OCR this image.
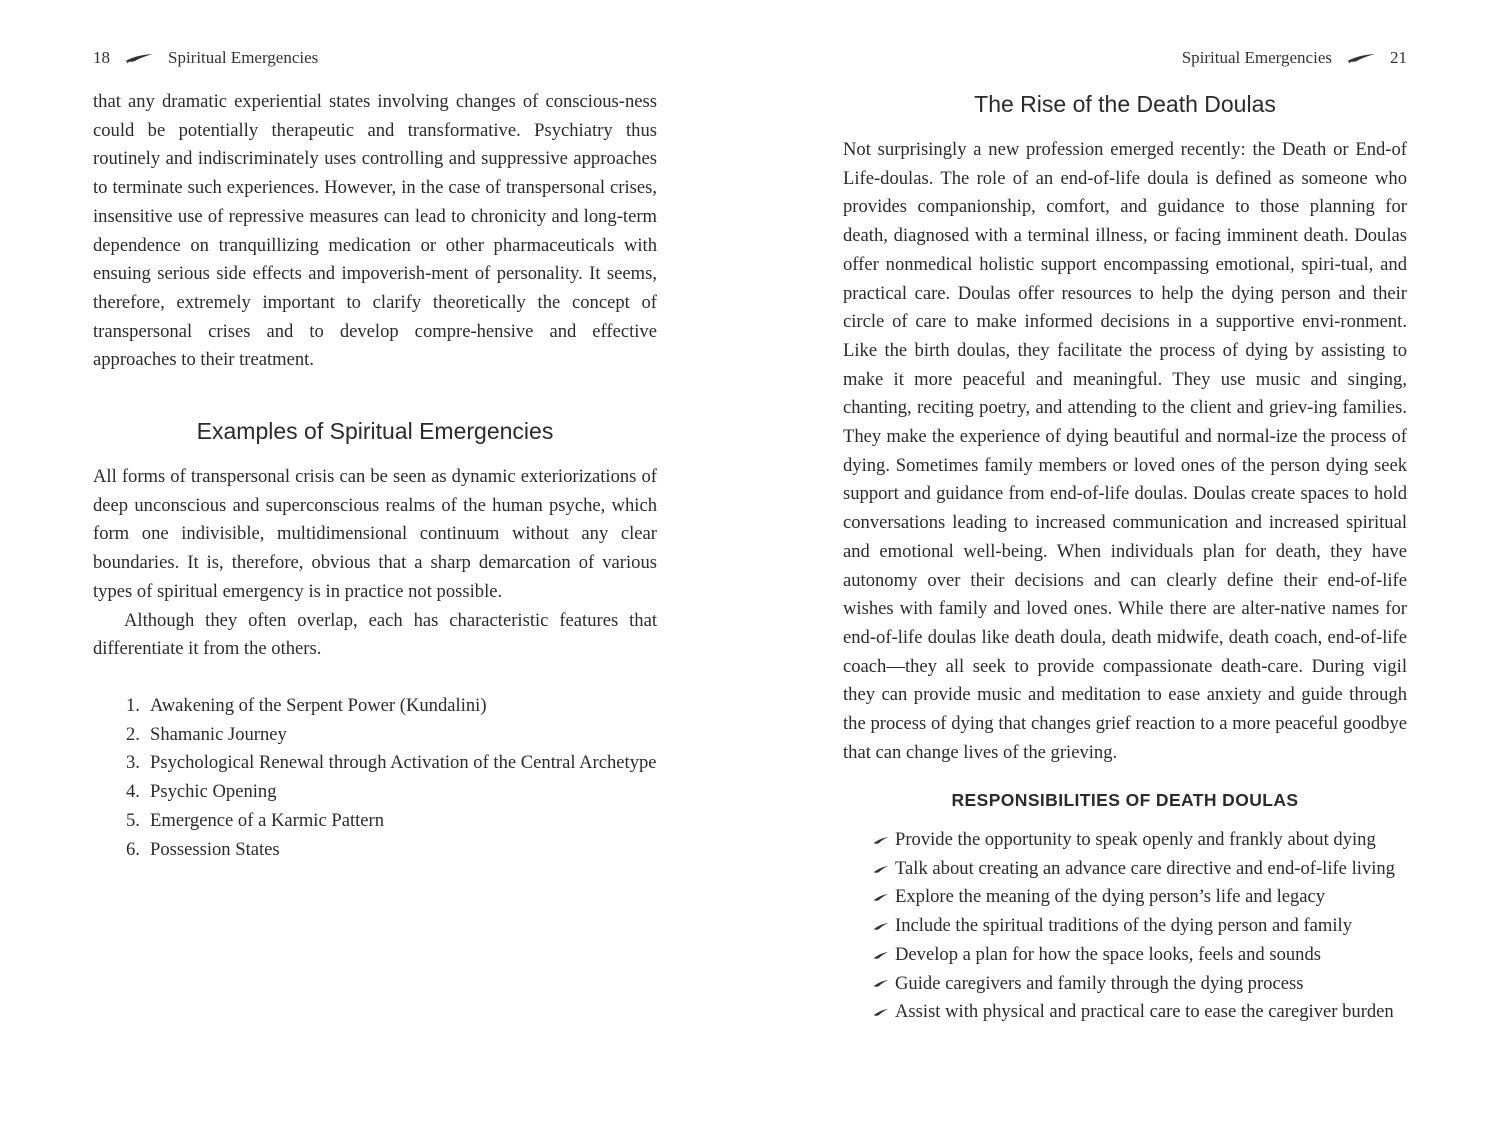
18	Spiritual Emergencies

that any dramatic experiential states involving changes of conscious-ness could be potentially therapeutic and transformative. Psychiatry thus routinely and indiscriminately uses controlling and suppressive approaches to terminate such experiences. However, in the case of transpersonal crises, insensitive use of repressive measures can lead to chronicity and long-term dependence on tranquillizing medication or other pharmaceuticals with ensuing serious side effects and impoverish-ment of personality. It seems, therefore, extremely important to clarify theoretically the concept of transpersonal crises and to develop compre-hensive and effective approaches to their treatment.

Examples of Spiritual Emergencies

All forms of transpersonal crisis can be seen as dynamic exteriorizations of deep unconscious and superconscious realms of the human psyche, which form one indivisible, multidimensional continuum without any clear boundaries. It is, therefore, obvious that a sharp demarcation of various types of spiritual emergency is in practice not possible.

Although they often overlap, each has characteristic features that differentiate it from the others.

1. Awakening of the Serpent Power (Kundalini)
2. Shamanic Journey
3. Psychological Renewal through Activation of the Central Archetype
4. Psychic Opening
5. Emergence of a Karmic Pattern
6. Possession States
Spiritual Emergencies	21
The Rise of the Death Doulas

Not surprisingly a new profession emerged recently: the Death or End-of Life-doulas. The role of an end-of-life doula is defined as someone who provides companionship, comfort, and guidance to those planning for death, diagnosed with a terminal illness, or facing imminent death. Doulas offer nonmedical holistic support encompassing emotional, spiri-tual, and practical care. Doulas offer resources to help the dying person and their circle of care to make informed decisions in a supportive envi-ronment. Like the birth doulas, they facilitate the process of dying by assisting to make it more peaceful and meaningful. They use music and singing, chanting, reciting poetry, and attending to the client and griev-ing families. They make the experience of dying beautiful and normal-ize the process of dying. Sometimes family members or loved ones of the person dying seek support and guidance from end-of-life doulas. Doulas create spaces to hold conversations leading to increased communication and increased spiritual and emotional well-being. When individuals plan for death, they have autonomy over their decisions and can clearly define their end-of-life wishes with family and loved ones. While there are alter-native names for end-of-life doulas like death doula, death midwife, death coach, end-of-life coach—they all seek to provide compassionate death-care. During vigil they can provide music and meditation to ease anxiety and guide through the process of dying that changes grief reaction to a more peaceful goodbye that can change lives of the grieving.

RESPONSIBILITIES OF DEATH DOULAS
Provide the opportunity to speak openly and frankly about dying
Talk about creating an advance care directive and end-of-life living
Explore the meaning of the dying person’s life and legacy
Include the spiritual traditions of the dying person and family
Develop a plan for how the space looks, feels and sounds
Guide caregivers and family through the dying process
Assist with physical and practical care to ease the caregiver burden
